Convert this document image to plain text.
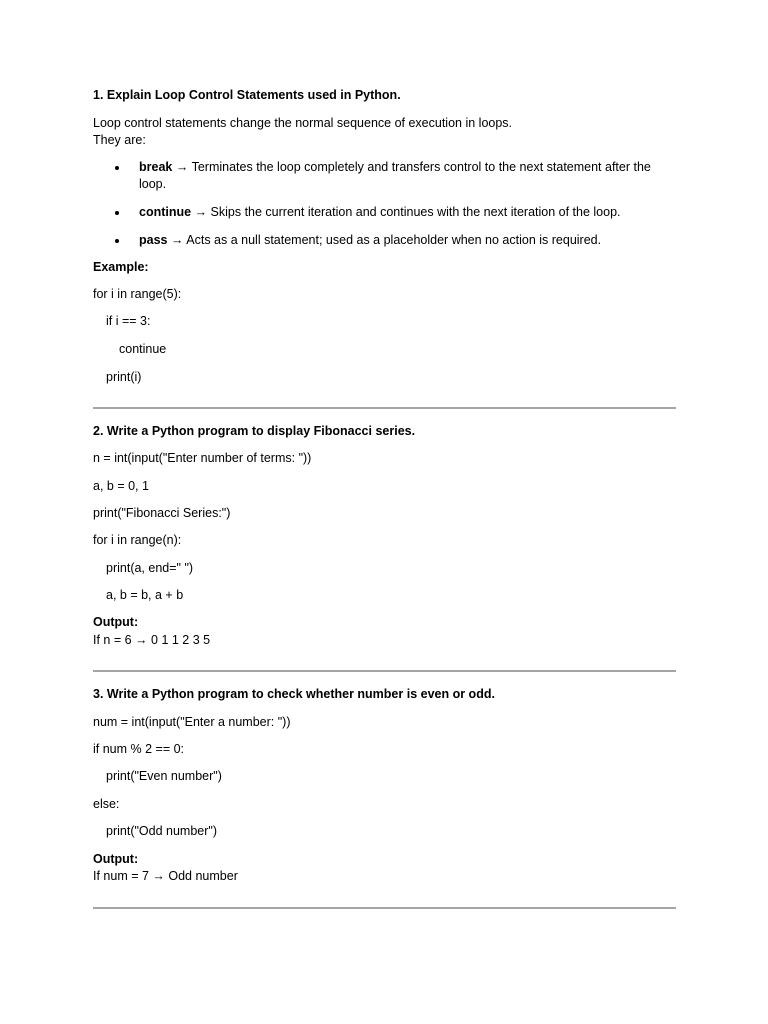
1. Explain Loop Control Statements used in Python.
Loop control statements change the normal sequence of execution in loops.
They are:
break → Terminates the loop completely and transfers control to the next statement after the loop.
continue → Skips the current iteration and continues with the next iteration of the loop.
pass → Acts as a null statement; used as a placeholder when no action is required.
Example:
for i in range(5):
if i == 3:
continue
print(i)
2. Write a Python program to display Fibonacci series.
n = int(input("Enter number of terms: "))
a, b = 0, 1
print("Fibonacci Series:")
for i in range(n):
print(a, end=" ")
a, b = b, a + b
Output:
If n = 6 → 0 1 1 2 3 5
3. Write a Python program to check whether number is even or odd.
num = int(input("Enter a number: "))
if num % 2 == 0:
print("Even number")
else:
print("Odd number")
Output:
If num = 7 → Odd number
